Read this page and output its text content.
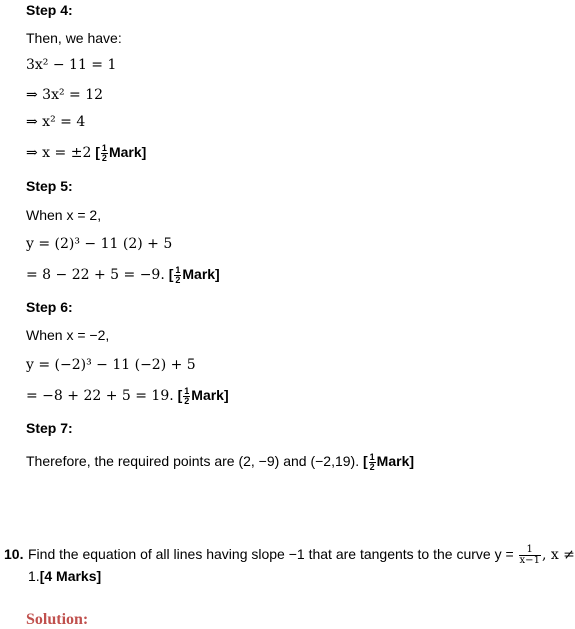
Step 4:
Then, we have:
3x² − 11 = 1
⇒ 3x² = 12
⇒ x² = 4
⇒ x = ±2 [ $\frac{1}{2}$ Mark]
Step 5:
When x = 2,
y = (2)³ − 11 (2) + 5
= 8 − 22 + 5 = −9. [ $\frac{1}{2}$ Mark]
Step 6:
When x = −2,
y = (−2)³ − 11 (−2) + 5
= −8 + 22 + 5 = 19. [ $\frac{1}{2}$ Mark]
Step 7:
Therefore, the required points are (2, −9) and (−2,19). [ $\frac{1}{2}$ Mark]
10. Find the equation of all lines having slope −1 that are tangents to the curve $y = \frac{1}{x-1}$ , x ≠
1.[4 Marks]
Solution:
